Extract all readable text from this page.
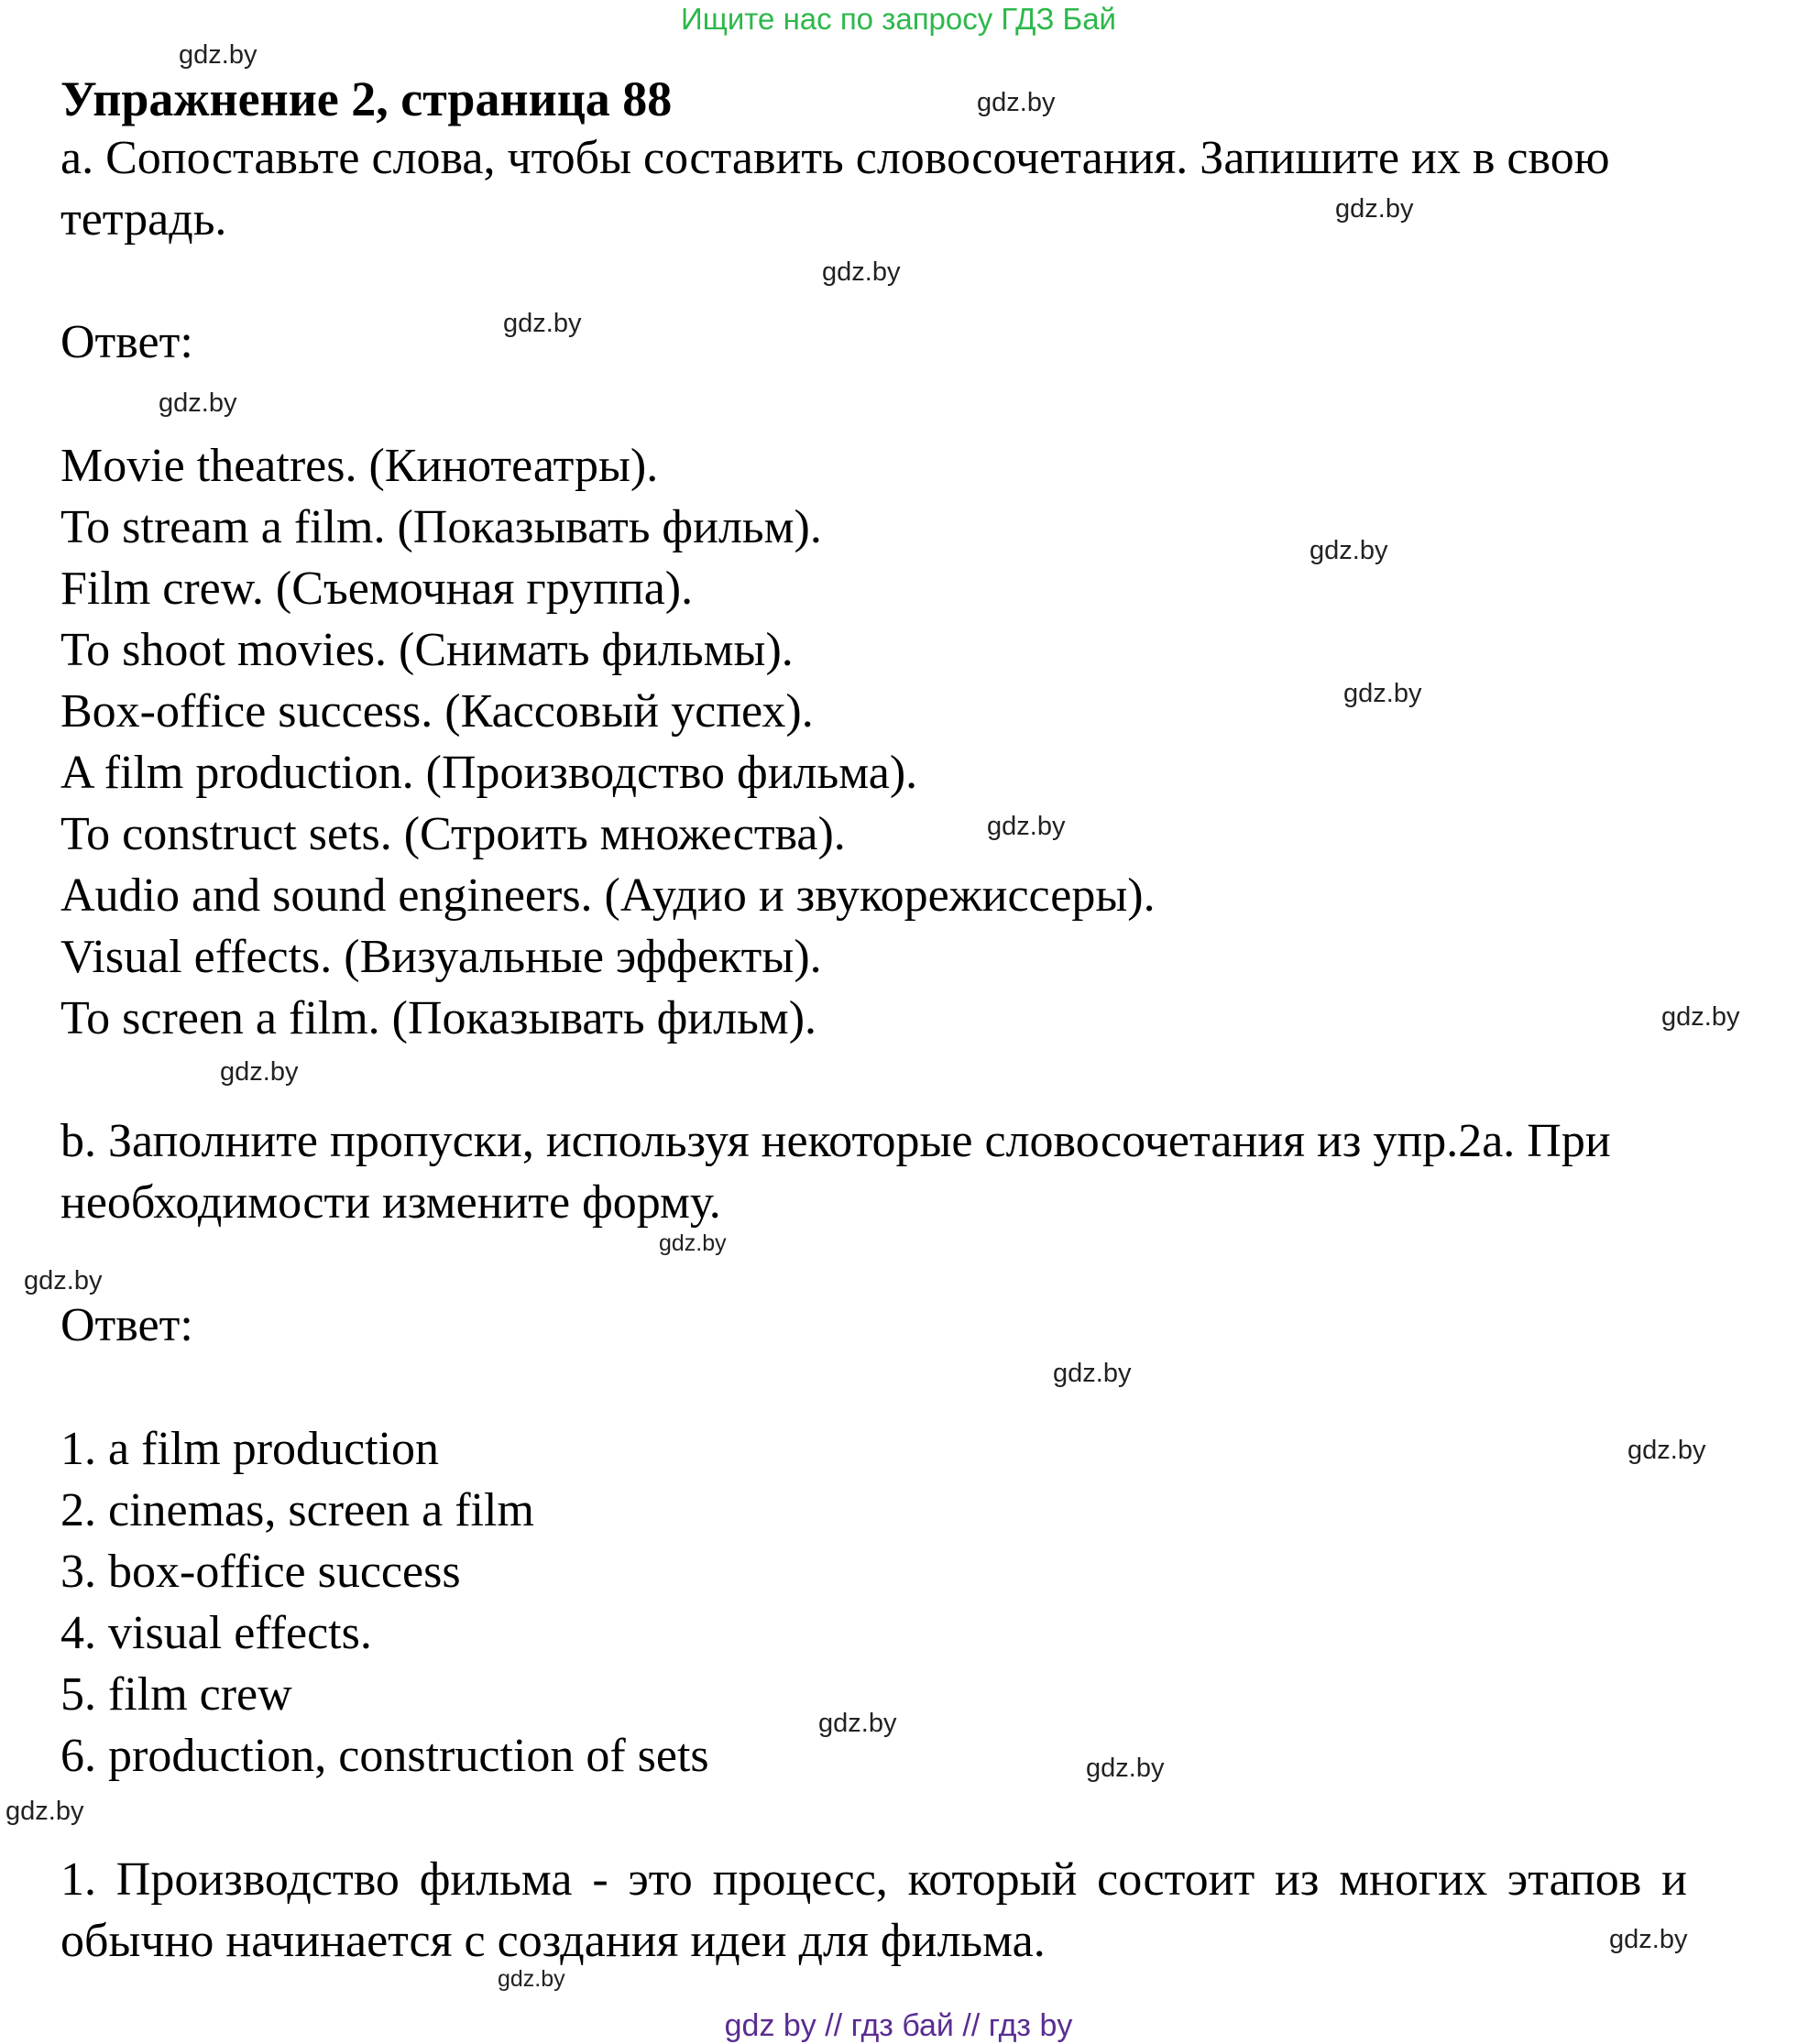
Ищите нас по запросу ГДЗ Бай
Упражнение 2, страница 88
a. Сопоставьте слова, чтобы составить словосочетания. Запишите их в свою тетрадь.
Ответ:
Movie theatres. (Кинотеатры).
To stream a film. (Показывать фильм).
Film crew. (Съемочная группа).
To shoot movies. (Снимать фильмы).
Box-office success. (Кассовый успех).
A film production. (Производство фильма).
To construct sets. (Строить множества).
Audio and sound engineers. (Аудио и звукорежиссеры).
Visual effects. (Визуальные эффекты).
To screen a film. (Показывать фильм).
b. Заполните пропуски, используя некоторые словосочетания из упр.2а. При необходимости измените форму.
Ответ:
1. a film production
2. cinemas, screen a film
3. box-office success
4. visual effects.
5. film crew
6. production, construction of sets
1. Производство фильма - это процесс, который состоит из многих этапов и обычно начинается с создания идеи для фильма.
gdz.by
gdz.by
gdz.by
gdz.by
gdz.by
gdz.by
gdz.by
gdz.by
gdz.by
gdz.by
gdz.by
gdz.by
gdz.by
gdz.by
gdz.by
gdz.by
gdz.by
gdz.by
gdz.by
gdz.by
gdz by // гдз бай // гдз by
